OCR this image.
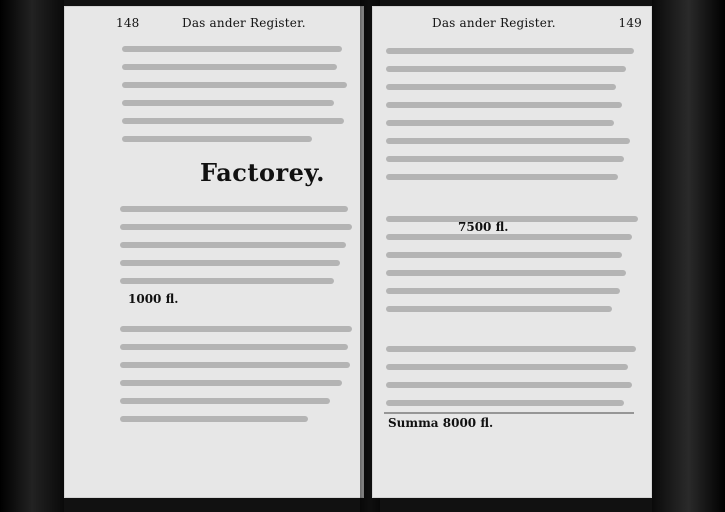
148	Das ander Register.
Factorey.
1000 fl.
Das ander Register.	149
7500 fl.
Summa 8000 fl.
